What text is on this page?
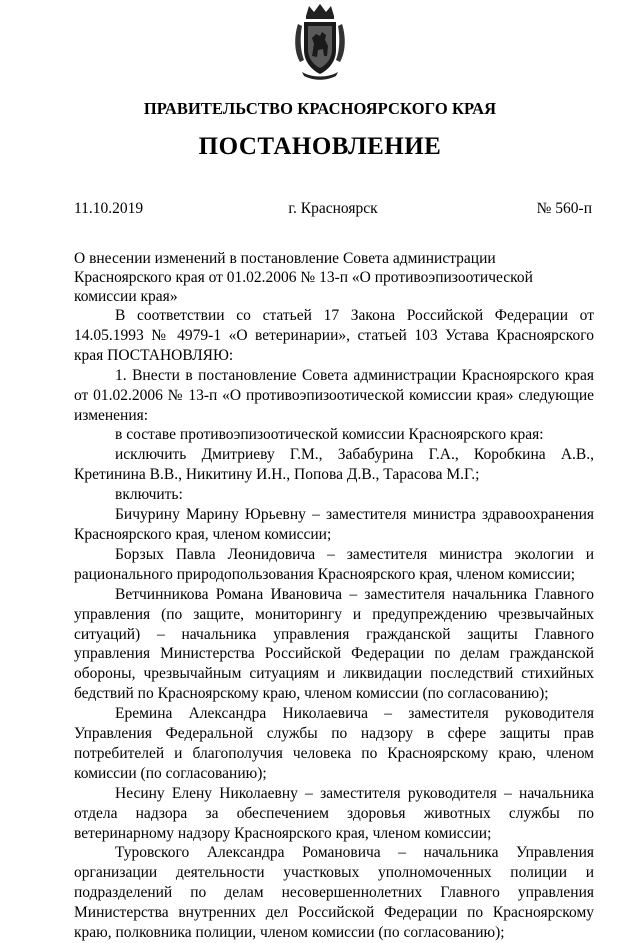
ПРАВИТЕЛЬСТВО КРАСНОЯРСКОГО КРАЯ
ПОСТАНОВЛЕНИЕ
11.10.2019	г. Красноярск	№ 560-п

О внесении изменений в постановление Совета администрации Красноярского края от 01.02.2006 № 13-п «О противоэпизоотической комиссии края»

В соответствии со статьей 17 Закона Российской Федерации от 14.05.1993 № 4979-1 «О ветеринарии», статьей 103 Устава Красноярского края ПОСТАНОВЛЯЮ:

1. Внести в постановление Совета администрации Красноярского края от 01.02.2006 № 13-п «О противоэпизоотической комиссии края» следующие изменения:

в составе противоэпизоотической комиссии Красноярского края:

исключить Дмитриеву Г.М., Забабурина Г.А., Коробкина А.В., Кретинина В.В., Никитину И.Н., Попова Д.В., Тарасова М.Г.;

включить:

Бичурину Марину Юрьевну – заместителя министра здравоохранения Красноярского края, членом комиссии;

Борзых Павла Леонидовича – заместителя министра экологии и рационального природопользования Красноярского края, членом комиссии;

Ветчинникова Романа Ивановича – заместителя начальника Главного управления (по защите, мониторингу и предупреждению чрезвычайных ситуаций) – начальника управления гражданской защиты Главного управления Министерства Российской Федерации по делам гражданской обороны, чрезвычайным ситуациям и ликвидации последствий стихийных бедствий по Красноярскому краю, членом комиссии (по согласованию);

Еремина Александра Николаевича – заместителя руководителя Управления Федеральной службы по надзору в сфере защиты прав потребителей и благополучия человека по Красноярскому краю, членом комиссии (по согласованию);

Несину Елену Николаевну – заместителя руководителя – начальника отдела надзора за обеспечением здоровья животных службы по ветеринарному надзору Красноярского края, членом комиссии;

Туровского Александра Романовича – начальника Управления организации деятельности участковых уполномоченных полиции и подразделений по делам несовершеннолетних Главного управления Министерства внутренних дел Российской Федерации по Красноярскому краю, полковника полиции, членом комиссии (по согласованию);
